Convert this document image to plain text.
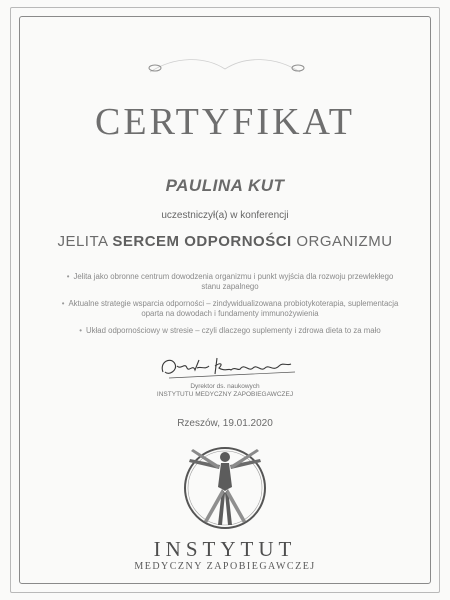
CERTYFIKAT
PAULINA KUT
uczestniczył(a) w konferencji
JELITA SERCEM ODPORNOŚCI ORGANIZMU
• Jelita jako obronne centrum dowodzenia organizmu i punkt wyjścia dla rozwoju przewlekłego stanu zapalnego
• Aktualne strategie wsparcia odporności – zindywidualizowana probiotykoterapia, suplementacja oparta na dowodach i fundamenty immunożywienia
• Układ odpornościowy w stresie – czyli dlaczego suplementy i zdrowa dieta to za mało
Dyrektor ds. naukowych
INSTYTUTU MEDYCZNY ZAPOBIEGAWCZEJ
Rzeszów, 19.01.2020
INSTYTUT
MEDYCZNY ZAPOBIEGAWCZEJ
